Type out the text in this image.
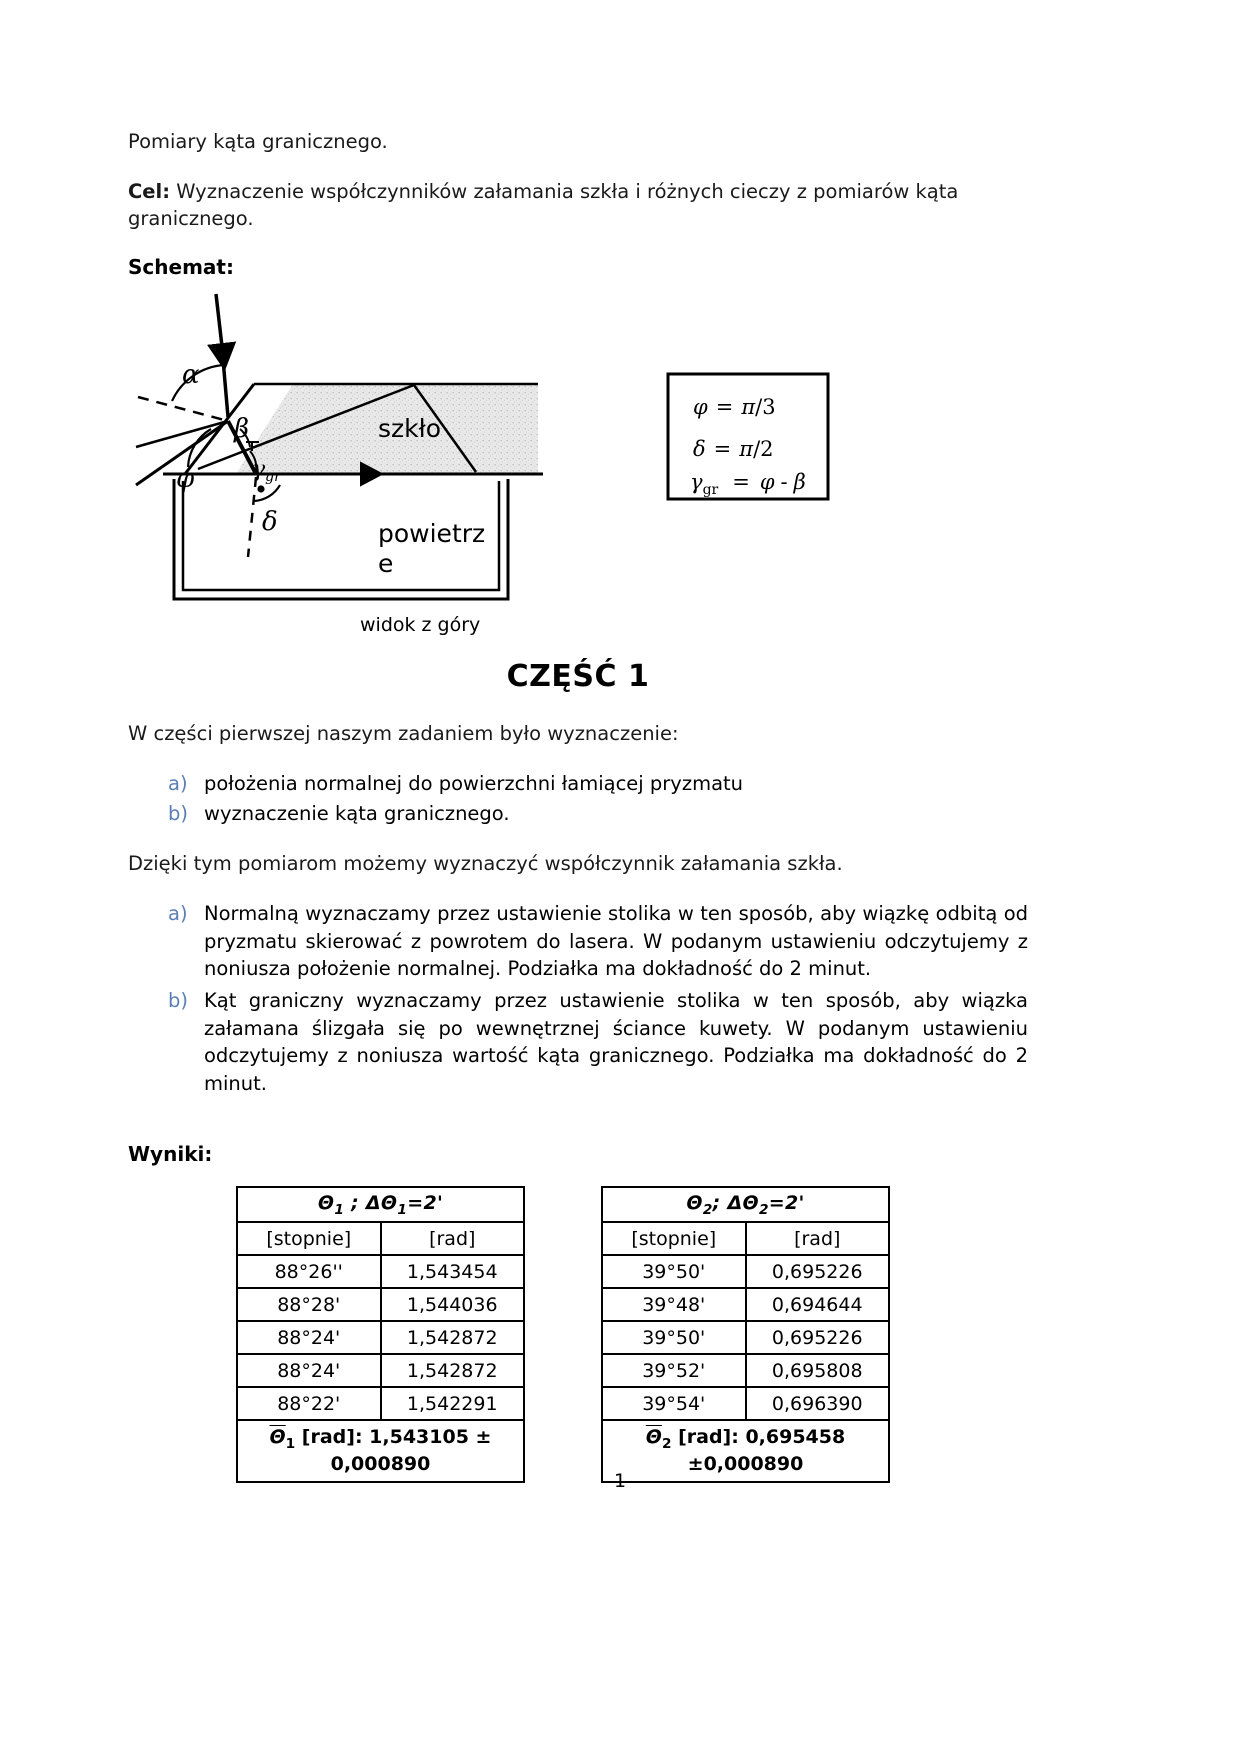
Pomiary kąta granicznego.

Cel: Wyznaczenie współczynników załamania szkła i różnych cieczy z pomiarów kąta granicznego.

Schemat:
α
β
φ
δ
$\gamma_{gr}$
szkło
powietrz
e
φ = π/3
δ = π/2
$\gamma_{gr} = \varphi - \beta$
widok z góry
CZĘŚĆ 1

W części pierwszej naszym zadaniem było wyznaczenie:

a) położenia normalnej do powierzchni łamiącej pryzmatu
b) wyznaczenie kąta granicznego.

Dzięki tym pomiarom możemy wyznaczyć współczynnik załamania szkła.

a) Normalną wyznaczamy przez ustawienie stolika w ten sposób, aby wiązkę odbitą od pryzmatu skierować z powrotem do lasera. W podanym ustawieniu odczytujemy z noniusza położenie normalnej. Podziałka ma dokładność do 2 minut.
b) Kąt graniczny wyznaczamy przez ustawienie stolika w ten sposób, aby wiązka załamana ślizgała się po wewnętrznej ściance kuwety. W podanym ustawieniu odczytujemy z noniusza wartość kąta granicznego. Podziałka ma dokładność do 2 minut.
Wyniki:
$\Theta_1$ ; $\Delta\Theta_1=2'$	
[stopnie]	[rad]
88°26''	1,543454
88°28'	1,544036
88°24'	1,542872
88°24'	1,542872
88°22'	1,542291
$\overline{\Theta}_1$ [rad]: 1,543105 ± 0,000890	
$\Theta_2$; $\Delta\Theta_2=2'$	
[stopnie]	[rad]
39°50'	0,695226
39°48'	0,694644
39°50'	0,695226
39°52'	0,695808
39°54'	0,696390
$\overline{\Theta}_2$ [rad]: 0,695458 ±0,000890	
1
